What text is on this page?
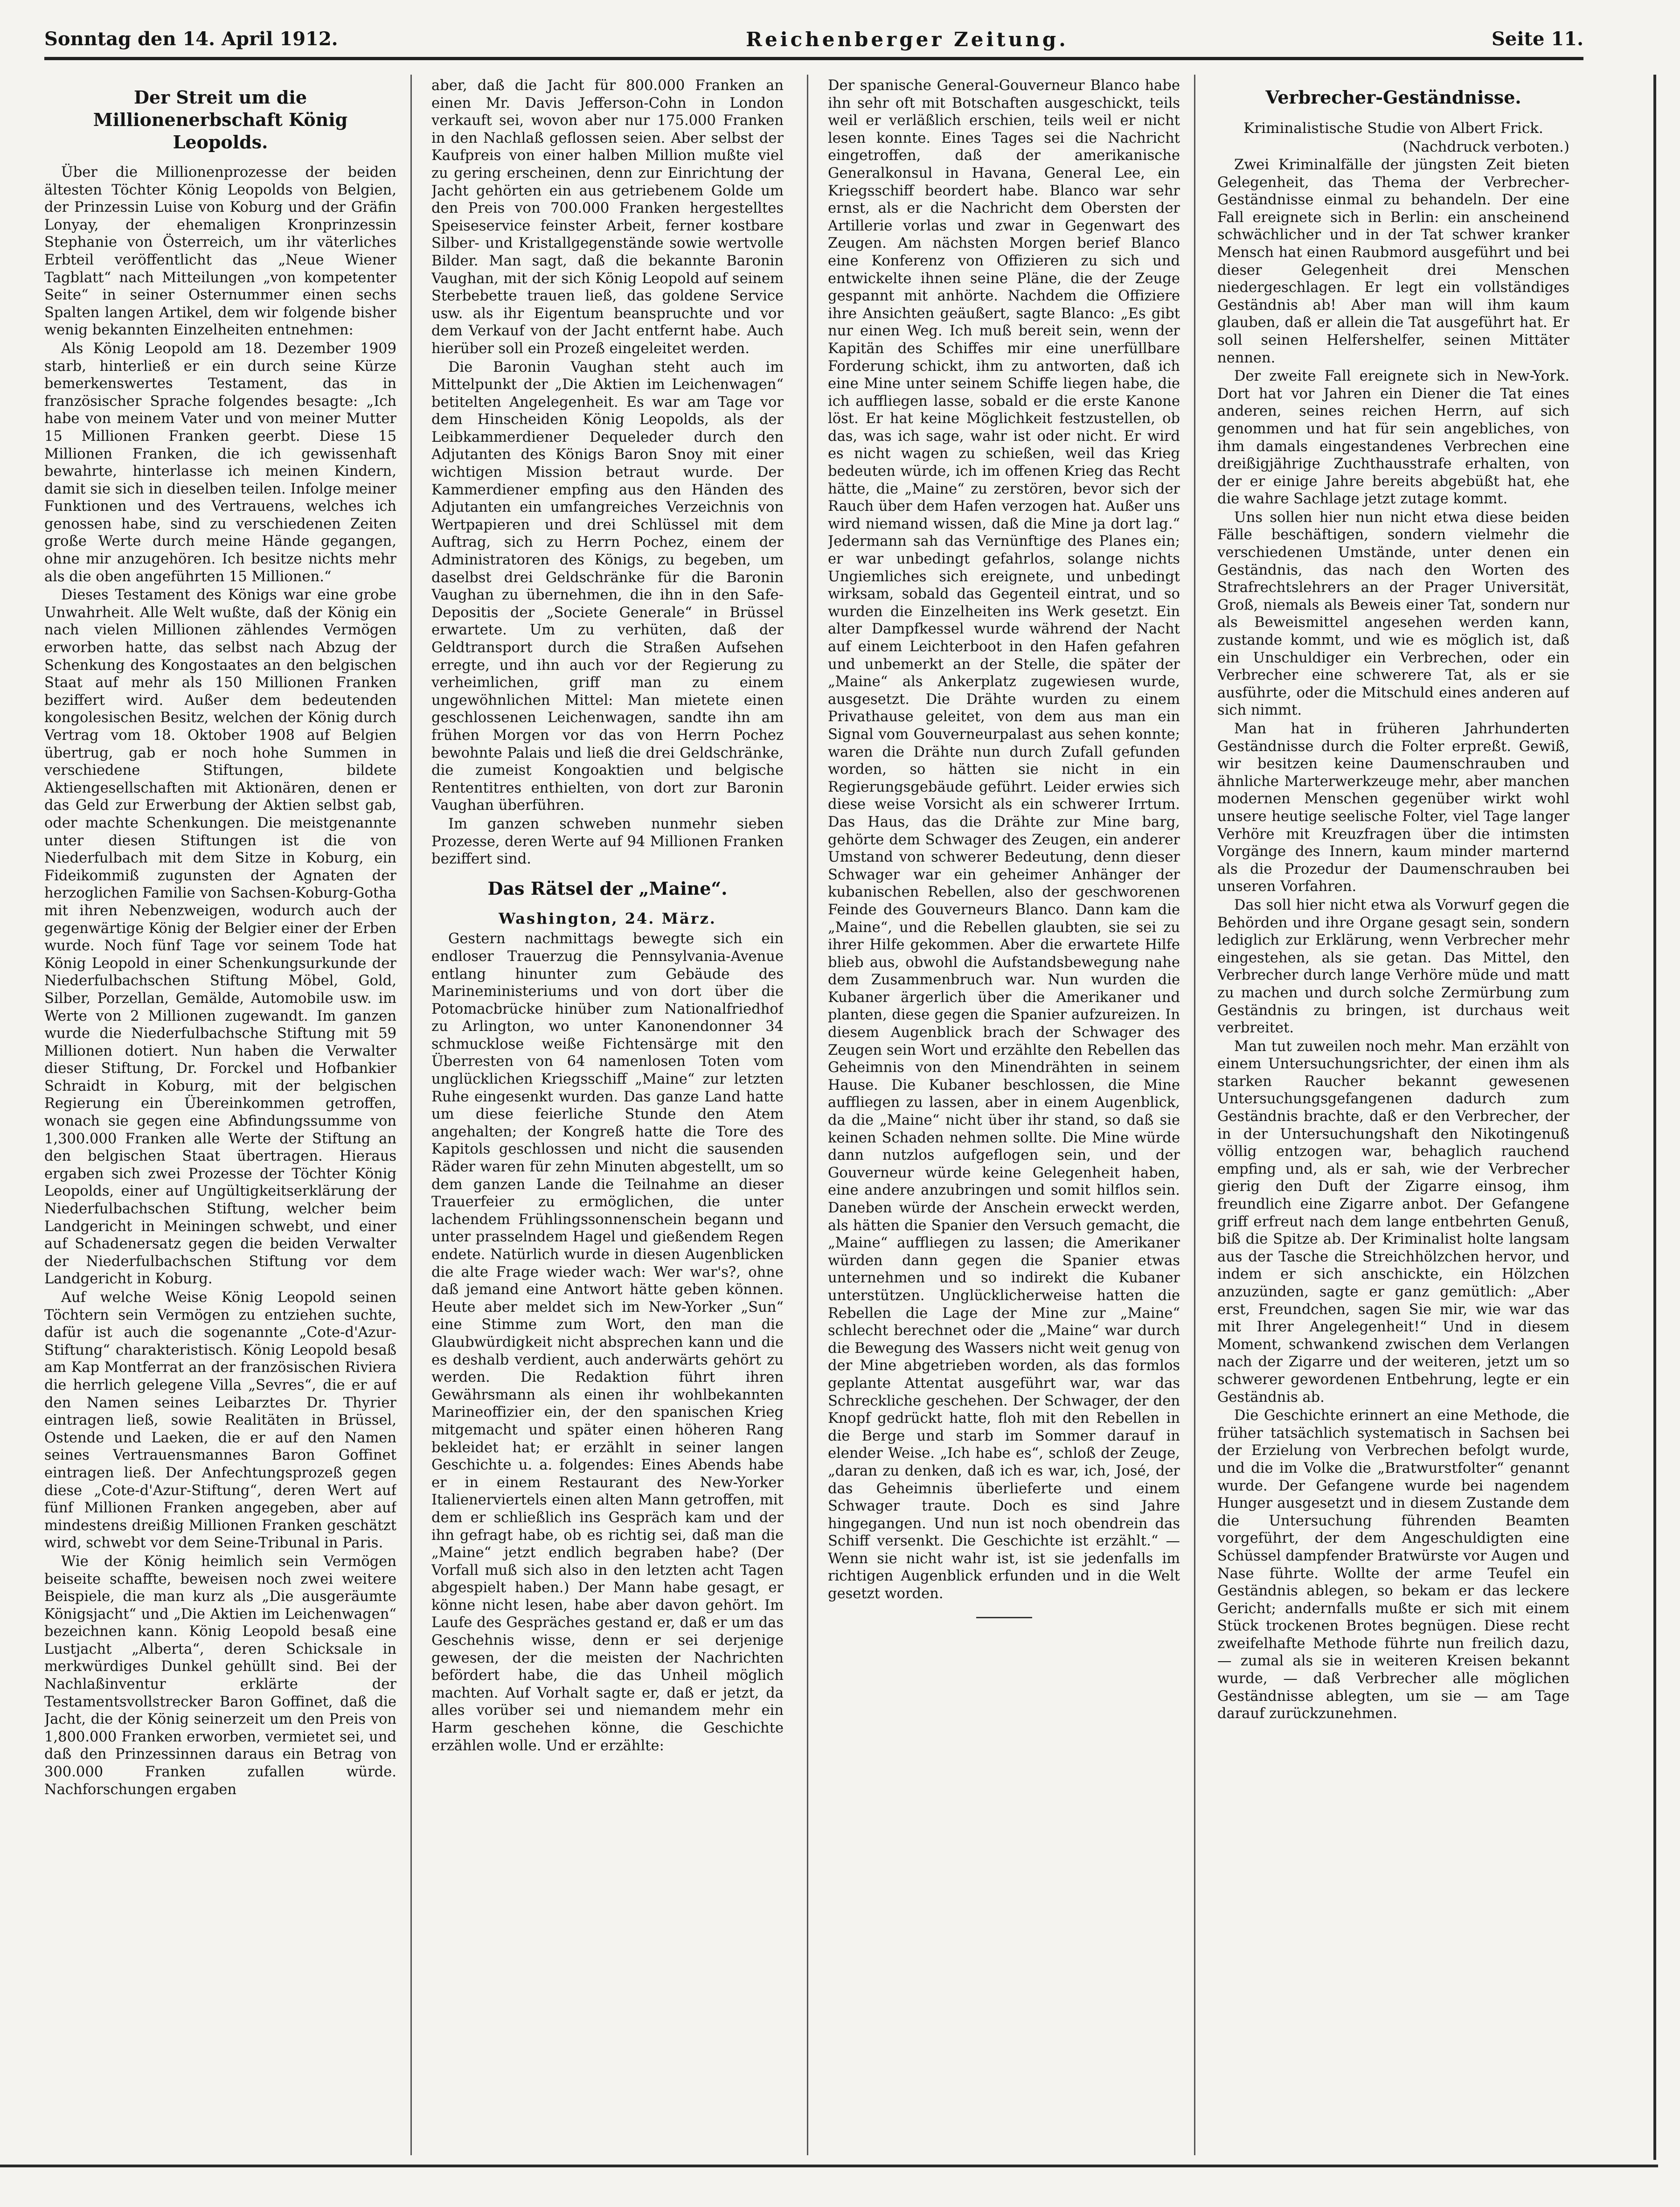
Sonntag den 14. April 1912.	Reichenberger Zeitung.	Seite 11.
Der Streit um die Millionenerbschaft König Leopolds.

Über die Millionenprozesse der beiden ältesten Töchter König Leopolds von Belgien, der Prinzessin Luise von Koburg und der Gräfin Lonyay, der ehemaligen Kronprinzessin Stephanie von Österreich, um ihr väterliches Erbteil veröffentlicht das „Neue Wiener Tagblatt“ nach Mitteilungen „von kompetenter Seite“ in seiner Osternummer einen sechs Spalten langen Artikel, dem wir folgende bisher wenig bekannten Einzelheiten entnehmen:

Als König Leopold am 18. Dezember 1909 starb, hinterließ er ein durch seine Kürze bemerkenswertes Testament, das in französischer Sprache folgendes besagte: „Ich habe von meinem Vater und von meiner Mutter 15 Millionen Franken geerbt. Diese 15 Millionen Franken, die ich gewissenhaft bewahrte, hinterlasse ich meinen Kindern, damit sie sich in dieselben teilen. Infolge meiner Funktionen und des Vertrauens, welches ich genossen habe, sind zu verschiedenen Zeiten große Werte durch meine Hände gegangen, ohne mir anzugehören. Ich besitze nichts mehr als die oben angeführten 15 Millionen.“

Dieses Testament des Königs war eine grobe Unwahrheit. Alle Welt wußte, daß der König ein nach vielen Millionen zählendes Vermögen erworben hatte, das selbst nach Abzug der Schenkung des Kongostaates an den belgischen Staat auf mehr als 150 Millionen Franken beziffert wird. Außer dem bedeutenden kongolesischen Besitz, welchen der König durch Vertrag vom 18. Oktober 1908 auf Belgien übertrug, gab er noch hohe Summen in verschiedene Stiftungen, bildete Aktiengesellschaften mit Aktionären, denen er das Geld zur Erwerbung der Aktien selbst gab, oder machte Schenkungen. Die meistgenannte unter diesen Stiftungen ist die von Niederfulbach mit dem Sitze in Koburg, ein Fideikommiß zugunsten der Agnaten der herzoglichen Familie von Sachsen-Koburg-Gotha mit ihren Nebenzweigen, wodurch auch der gegenwärtige König der Belgier einer der Erben wurde. Noch fünf Tage vor seinem Tode hat König Leopold in einer Schenkungsurkunde der Niederfulbachschen Stiftung Möbel, Gold, Silber, Porzellan, Gemälde, Automobile usw. im Werte von 2 Millionen zugewandt. Im ganzen wurde die Niederfulbachsche Stiftung mit 59 Millionen dotiert. Nun haben die Verwalter dieser Stiftung, Dr. Forckel und Hofbankier Schraidt in Koburg, mit der belgischen Regierung ein Übereinkommen getroffen, wonach sie gegen eine Abfindungssumme von 1,300.000 Franken alle Werte der Stiftung an den belgischen Staat übertragen. Hieraus ergaben sich zwei Prozesse der Töchter König Leopolds, einer auf Ungültigkeitserklärung der Niederfulbachschen Stiftung, welcher beim Landgericht in Meiningen schwebt, und einer auf Schadenersatz gegen die beiden Verwalter der Niederfulbachschen Stiftung vor dem Landgericht in Koburg.

Auf welche Weise König Leopold seinen Töchtern sein Vermögen zu entziehen suchte, dafür ist auch die sogenannte „Cote-d'Azur-Stiftung“ charakteristisch. König Leopold besaß am Kap Montferrat an der französischen Riviera die herrlich gelegene Villa „Sevres“, die er auf den Namen seines Leibarztes Dr. Thyrier eintragen ließ, sowie Realitäten in Brüssel, Ostende und Laeken, die er auf den Namen seines Vertrauensmannes Baron Goffinet eintragen ließ. Der Anfechtungsprozeß gegen diese „Cote-d'Azur-Stiftung“, deren Wert auf fünf Millionen Franken angegeben, aber auf mindestens dreißig Millionen Franken geschätzt wird, schwebt vor dem Seine-Tribunal in Paris.

Wie der König heimlich sein Vermögen beiseite schaffte, beweisen noch zwei weitere Beispiele, die man kurz als „Die ausgeräumte Königsjacht“ und „Die Aktien im Leichenwagen“ bezeichnen kann. König Leopold besaß eine Lustjacht „Alberta“, deren Schicksale in merkwürdiges Dunkel gehüllt sind. Bei der Nachlaßinventur erklärte der Testamentsvollstrecker Baron Goffinet, daß die Jacht, die der König seinerzeit um den Preis von 1,800.000 Franken erworben, vermietet sei, und daß den Prinzessinnen daraus ein Betrag von 300.000 Franken zufallen würde. Nachforschungen ergaben

aber, daß die Jacht für 800.000 Franken an einen Mr. Davis Jefferson-Cohn in London verkauft sei, wovon aber nur 175.000 Franken in den Nachlaß geflossen seien. Aber selbst der Kaufpreis von einer halben Million mußte viel zu gering erscheinen, denn zur Einrichtung der Jacht gehörten ein aus getriebenem Golde um den Preis von 700.000 Franken hergestelltes Speiseservice feinster Arbeit, ferner kostbare Silber- und Kristallgegenstände sowie wertvolle Bilder. Man sagt, daß die bekannte Baronin Vaughan, mit der sich König Leopold auf seinem Sterbebette trauen ließ, das goldene Service usw. als ihr Eigentum beanspruchte und vor dem Verkauf von der Jacht entfernt habe. Auch hierüber soll ein Prozeß eingeleitet werden.

Die Baronin Vaughan steht auch im Mittelpunkt der „Die Aktien im Leichenwagen“ betitelten Angelegenheit. Es war am Tage vor dem Hinscheiden König Leopolds, als der Leibkammerdiener Dequeleder durch den Adjutanten des Königs Baron Snoy mit einer wichtigen Mission betraut wurde. Der Kammerdiener empfing aus den Händen des Adjutanten ein umfangreiches Verzeichnis von Wertpapieren und drei Schlüssel mit dem Auftrag, sich zu Herrn Pochez, einem der Administratoren des Königs, zu begeben, um daselbst drei Geldschränke für die Baronin Vaughan zu übernehmen, die ihn in den Safe-Depositis der „Societe Generale“ in Brüssel erwartete. Um zu verhüten, daß der Geldtransport durch die Straßen Aufsehen erregte, und ihn auch vor der Regierung zu verheimlichen, griff man zu einem ungewöhnlichen Mittel: Man mietete einen geschlossenen Leichenwagen, sandte ihn am frühen Morgen vor das von Herrn Pochez bewohnte Palais und ließ die drei Geldschränke, die zumeist Kongoaktien und belgische Rententitres enthielten, von dort zur Baronin Vaughan überführen.

Im ganzen schweben nunmehr sieben Prozesse, deren Werte auf 94 Millionen Franken beziffert sind.

Das Rätsel der „Maine“.
Washington, 24. März.

Gestern nachmittags bewegte sich ein endloser Trauerzug die Pennsylvania-Avenue entlang hinunter zum Gebäude des Marineministeriums und von dort über die Potomacbrücke hinüber zum Nationalfriedhof zu Arlington, wo unter Kanonendonner 34 schmucklose weiße Fichtensärge mit den Überresten von 64 namenlosen Toten vom unglücklichen Kriegsschiff „Maine“ zur letzten Ruhe eingesenkt wurden. Das ganze Land hatte um diese feierliche Stunde den Atem angehalten; der Kongreß hatte die Tore des Kapitols geschlossen und nicht die sausenden Räder waren für zehn Minuten abgestellt, um so dem ganzen Lande die Teilnahme an dieser Trauerfeier zu ermöglichen, die unter lachendem Frühlingssonnenschein begann und unter prasselndem Hagel und gießendem Regen endete. Natürlich wurde in diesen Augenblicken die alte Frage wieder wach: Wer war's?, ohne daß jemand eine Antwort hätte geben können. Heute aber meldet sich im New-Yorker „Sun“ eine Stimme zum Wort, den man die Glaubwürdigkeit nicht absprechen kann und die es deshalb verdient, auch anderwärts gehört zu werden. Die Redaktion führt ihren Gewährsmann als einen ihr wohlbekannten Marineoffizier ein, der den spanischen Krieg mitgemacht und später einen höheren Rang bekleidet hat; er erzählt in seiner langen Geschichte u. a. folgendes: Eines Abends habe er in einem Restaurant des New-Yorker Italienerviertels einen alten Mann getroffen, mit dem er schließlich ins Gespräch kam und der ihn gefragt habe, ob es richtig sei, daß man die „Maine“ jetzt endlich begraben habe? (Der Vorfall muß sich also in den letzten acht Tagen abgespielt haben.) Der Mann habe gesagt, er könne nicht lesen, habe aber davon gehört. Im Laufe des Gespräches gestand er, daß er um das Geschehnis wisse, denn er sei derjenige gewesen, der die meisten der Nachrichten befördert habe, die das Unheil möglich machten. Auf Vorhalt sagte er, daß er jetzt, da alles vorüber sei und niemandem mehr ein Harm geschehen könne, die Geschichte erzählen wolle. Und er erzählte:

Der spanische General-Gouverneur Blanco habe ihn sehr oft mit Botschaften ausgeschickt, teils weil er verläßlich erschien, teils weil er nicht lesen konnte. Eines Tages sei die Nachricht eingetroffen, daß der amerikanische Generalkonsul in Havana, General Lee, ein Kriegsschiff beordert habe. Blanco war sehr ernst, als er die Nachricht dem Obersten der Artillerie vorlas und zwar in Gegenwart des Zeugen. Am nächsten Morgen berief Blanco eine Konferenz von Offizieren zu sich und entwickelte ihnen seine Pläne, die der Zeuge gespannt mit anhörte. Nachdem die Offiziere ihre Ansichten geäußert, sagte Blanco: „Es gibt nur einen Weg. Ich muß bereit sein, wenn der Kapitän des Schiffes mir eine unerfüllbare Forderung schickt, ihm zu antworten, daß ich eine Mine unter seinem Schiffe liegen habe, die ich auffliegen lasse, sobald er die erste Kanone löst. Er hat keine Möglichkeit festzustellen, ob das, was ich sage, wahr ist oder nicht. Er wird es nicht wagen zu schießen, weil das Krieg bedeuten würde, ich im offenen Krieg das Recht hätte, die „Maine“ zu zerstören, bevor sich der Rauch über dem Hafen verzogen hat. Außer uns wird niemand wissen, daß die Mine ja dort lag.“ Jedermann sah das Vernünftige des Planes ein; er war unbedingt gefahrlos, solange nichts Ungiemliches sich ereignete, und unbedingt wirksam, sobald das Gegenteil eintrat, und so wurden die Einzelheiten ins Werk gesetzt. Ein alter Dampfkessel wurde während der Nacht auf einem Leichterboot in den Hafen gefahren und unbemerkt an der Stelle, die später der „Maine“ als Ankerplatz zugewiesen wurde, ausgesetzt. Die Drähte wurden zu einem Privathause geleitet, von dem aus man ein Signal vom Gouverneurpalast aus sehen konnte; waren die Drähte nun durch Zufall gefunden worden, so hätten sie nicht in ein Regierungsgebäude geführt. Leider erwies sich diese weise Vorsicht als ein schwerer Irrtum. Das Haus, das die Drähte zur Mine barg, gehörte dem Schwager des Zeugen, ein anderer Umstand von schwerer Bedeutung, denn dieser Schwager war ein geheimer Anhänger der kubanischen Rebellen, also der geschworenen Feinde des Gouverneurs Blanco. Dann kam die „Maine“, und die Rebellen glaubten, sie sei zu ihrer Hilfe gekommen. Aber die erwartete Hilfe blieb aus, obwohl die Aufstandsbewegung nahe dem Zusammenbruch war. Nun wurden die Kubaner ärgerlich über die Amerikaner und planten, diese gegen die Spanier aufzureizen. In diesem Augenblick brach der Schwager des Zeugen sein Wort und erzählte den Rebellen das Geheimnis von den Minendrähten in seinem Hause. Die Kubaner beschlossen, die Mine auffliegen zu lassen, aber in einem Augenblick, da die „Maine“ nicht über ihr stand, so daß sie keinen Schaden nehmen sollte. Die Mine würde dann nutzlos aufgeflogen sein, und der Gouverneur würde keine Gelegenheit haben, eine andere anzubringen und somit hilflos sein. Daneben würde der Anschein erweckt werden, als hätten die Spanier den Versuch gemacht, die „Maine“ auffliegen zu lassen; die Amerikaner würden dann gegen die Spanier etwas unternehmen und so indirekt die Kubaner unterstützen. Unglücklicherweise hatten die Rebellen die Lage der Mine zur „Maine“ schlecht berechnet oder die „Maine“ war durch die Bewegung des Wassers nicht weit genug von der Mine abgetrieben worden, als das formlos geplante Attentat ausgeführt war, war das Schreckliche geschehen. Der Schwager, der den Knopf gedrückt hatte, floh mit den Rebellen in die Berge und starb im Sommer darauf in elender Weise. „Ich habe es“, schloß der Zeuge, „daran zu denken, daß ich es war, ich, José, der das Geheimnis überlieferte und einem Schwager traute. Doch es sind Jahre hingegangen. Und nun ist noch obendrein das Schiff versenkt. Die Geschichte ist erzählt.“ — Wenn sie nicht wahr ist, ist sie jedenfalls im richtigen Augenblick erfunden und in die Welt gesetzt worden.

Verbrecher-Geständnisse.
Kriminalistische Studie von Albert Frick.
(Nachdruck verboten.)

Zwei Kriminalfälle der jüngsten Zeit bieten Gelegenheit, das Thema der Verbrecher-Geständnisse einmal zu behandeln. Der eine Fall ereignete sich in Berlin: ein anscheinend schwächlicher und in der Tat schwer kranker Mensch hat einen Raubmord ausgeführt und bei dieser Gelegenheit drei Menschen niedergeschlagen. Er legt ein vollständiges Geständnis ab! Aber man will ihm kaum glauben, daß er allein die Tat ausgeführt hat. Er soll seinen Helfershelfer, seinen Mittäter nennen.

Der zweite Fall ereignete sich in New-York. Dort hat vor Jahren ein Diener die Tat eines anderen, seines reichen Herrn, auf sich genommen und hat für sein angebliches, von ihm damals eingestandenes Verbrechen eine dreißigjährige Zuchthausstrafe erhalten, von der er einige Jahre bereits abgebüßt hat, ehe die wahre Sachlage jetzt zutage kommt.

Uns sollen hier nun nicht etwa diese beiden Fälle beschäftigen, sondern vielmehr die verschiedenen Umstände, unter denen ein Geständnis, das nach den Worten des Strafrechtslehrers an der Prager Universität, Groß, niemals als Beweis einer Tat, sondern nur als Beweismittel angesehen werden kann, zustande kommt, und wie es möglich ist, daß ein Unschuldiger ein Verbrechen, oder ein Verbrecher eine schwerere Tat, als er sie ausführte, oder die Mitschuld eines anderen auf sich nimmt.

Man hat in früheren Jahrhunderten Geständnisse durch die Folter erpreßt. Gewiß, wir besitzen keine Daumenschrauben und ähnliche Marterwerkzeuge mehr, aber manchen modernen Menschen gegenüber wirkt wohl unsere heutige seelische Folter, viel Tage langer Verhöre mit Kreuzfragen über die intimsten Vorgänge des Innern, kaum minder marternd als die Prozedur der Daumenschrauben bei unseren Vorfahren.

Das soll hier nicht etwa als Vorwurf gegen die Behörden und ihre Organe gesagt sein, sondern lediglich zur Erklärung, wenn Verbrecher mehr eingestehen, als sie getan. Das Mittel, den Verbrecher durch lange Verhöre müde und matt zu machen und durch solche Zermürbung zum Geständnis zu bringen, ist durchaus weit verbreitet.

Man tut zuweilen noch mehr. Man erzählt von einem Untersuchungsrichter, der einen ihm als starken Raucher bekannt gewesenen Untersuchungsgefangenen dadurch zum Geständnis brachte, daß er den Verbrecher, der in der Untersuchungshaft den Nikotingenuß völlig entzogen war, behaglich rauchend empfing und, als er sah, wie der Verbrecher gierig den Duft der Zigarre einsog, ihm freundlich eine Zigarre anbot. Der Gefangene griff erfreut nach dem lange entbehrten Genuß, biß die Spitze ab. Der Kriminalist holte langsam aus der Tasche die Streichhölzchen hervor, und indem er sich anschickte, ein Hölzchen anzuzünden, sagte er ganz gemütlich: „Aber erst, Freundchen, sagen Sie mir, wie war das mit Ihrer Angelegenheit!“ Und in diesem Moment, schwankend zwischen dem Verlangen nach der Zigarre und der weiteren, jetzt um so schwerer gewordenen Entbehrung, legte er ein Geständnis ab.

Die Geschichte erinnert an eine Methode, die früher tatsächlich systematisch in Sachsen bei der Erzielung von Verbrechen befolgt wurde, und die im Volke die „Bratwurstfolter“ genannt wurde. Der Gefangene wurde bei nagendem Hunger ausgesetzt und in diesem Zustande dem die Untersuchung führenden Beamten vorgeführt, der dem Angeschuldigten eine Schüssel dampfender Bratwürste vor Augen und Nase führte. Wollte der arme Teufel ein Geständnis ablegen, so bekam er das leckere Gericht; andernfalls mußte er sich mit einem Stück trockenen Brotes begnügen. Diese recht zweifelhafte Methode führte nun freilich dazu, — zumal als sie in weiteren Kreisen bekannt wurde, — daß Verbrecher alle möglichen Geständnisse ablegten, um sie — am Tage darauf zurückzunehmen.
